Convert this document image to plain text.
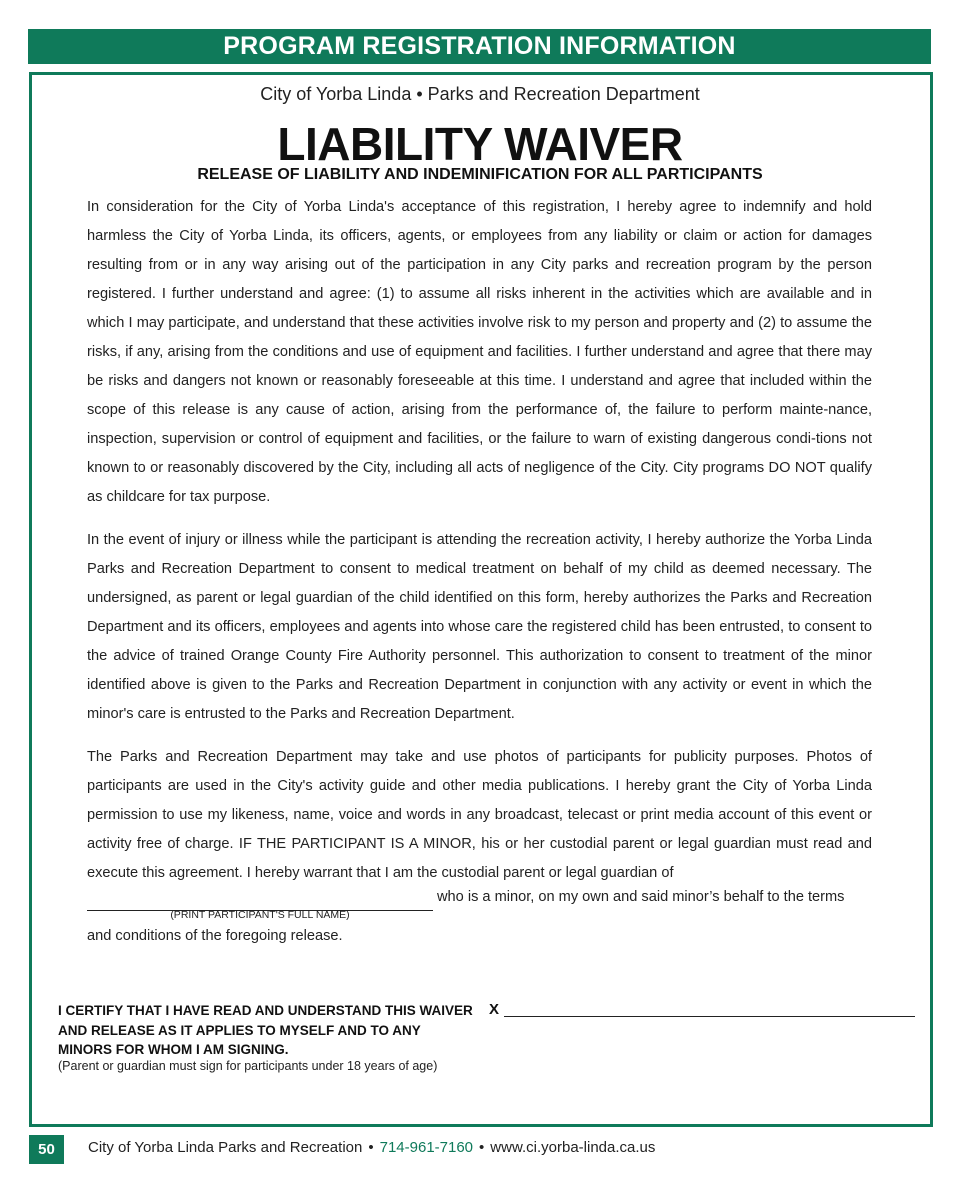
PROGRAM REGISTRATION INFORMATION
City of Yorba Linda • Parks and Recreation Department
LIABILITY WAIVER
RELEASE OF LIABILITY AND INDEMINIFICATION FOR ALL PARTICIPANTS
In consideration for the City of Yorba Linda's acceptance of this registration, I hereby agree to indemnify and hold harmless the City of Yorba Linda, its officers, agents, or employees from any liability or claim or action for damages resulting from or in any way arising out of the participation in any City parks and recreation program by the person registered. I further understand and agree: (1) to assume all risks inherent in the activities which are available and in which I may participate, and understand that these activities involve risk to my person and property and (2) to assume the risks, if any, arising from the conditions and use of equipment and facilities. I further understand and agree that there may be risks and dangers not known or reasonably foreseeable at this time. I understand and agree that included within the scope of this release is any cause of action, arising from the performance of, the failure to perform mainte-nance, inspection, supervision or control of equipment and facilities, or the failure to warn of existing dangerous condi-tions not known to or reasonably discovered by the City, including all acts of negligence of the City. City programs DO NOT qualify as childcare for tax purpose.
In the event of injury or illness while the participant is attending the recreation activity, I hereby authorize the Yorba Linda Parks and Recreation Department to consent to medical treatment on behalf of my child as deemed necessary. The undersigned, as parent or legal guardian of the child identified on this form, hereby authorizes the Parks and Recreation Department and its officers, employees and agents into whose care the registered child has been entrusted, to consent to the advice of trained Orange County Fire Authority personnel. This authorization to consent to treatment of the minor identified above is given to the Parks and Recreation Department in conjunction with any activity or event in which the minor's care is entrusted to the Parks and Recreation Department.
The Parks and Recreation Department may take and use photos of participants for publicity purposes. Photos of participants are used in the City's activity guide and other media publications. I hereby grant the City of Yorba Linda permission to use my likeness, name, voice and words in any broadcast, telecast or print media account of this event or activity free of charge. IF THE PARTICIPANT IS A MINOR, his or her custodial parent or legal guardian must read and execute this agreement. I hereby warrant that I am the custodial parent or legal guardian of
(PRINT PARTICIPANT'S FULL NAME)
who is a minor, on my own and said minor’s behalf to the terms
and conditions of the foregoing release.
I CERTIFY THAT I HAVE READ AND UNDERSTAND THIS WAIVER AND RELEASE AS IT APPLIES TO MYSELF AND TO ANY MINORS FOR WHOM I AM SIGNING.
(Parent or guardian must sign for participants under 18 years of age)
X
50	City of Yorba Linda Parks and Recreation • 714-961-7160 • www.ci.yorba-linda.ca.us
